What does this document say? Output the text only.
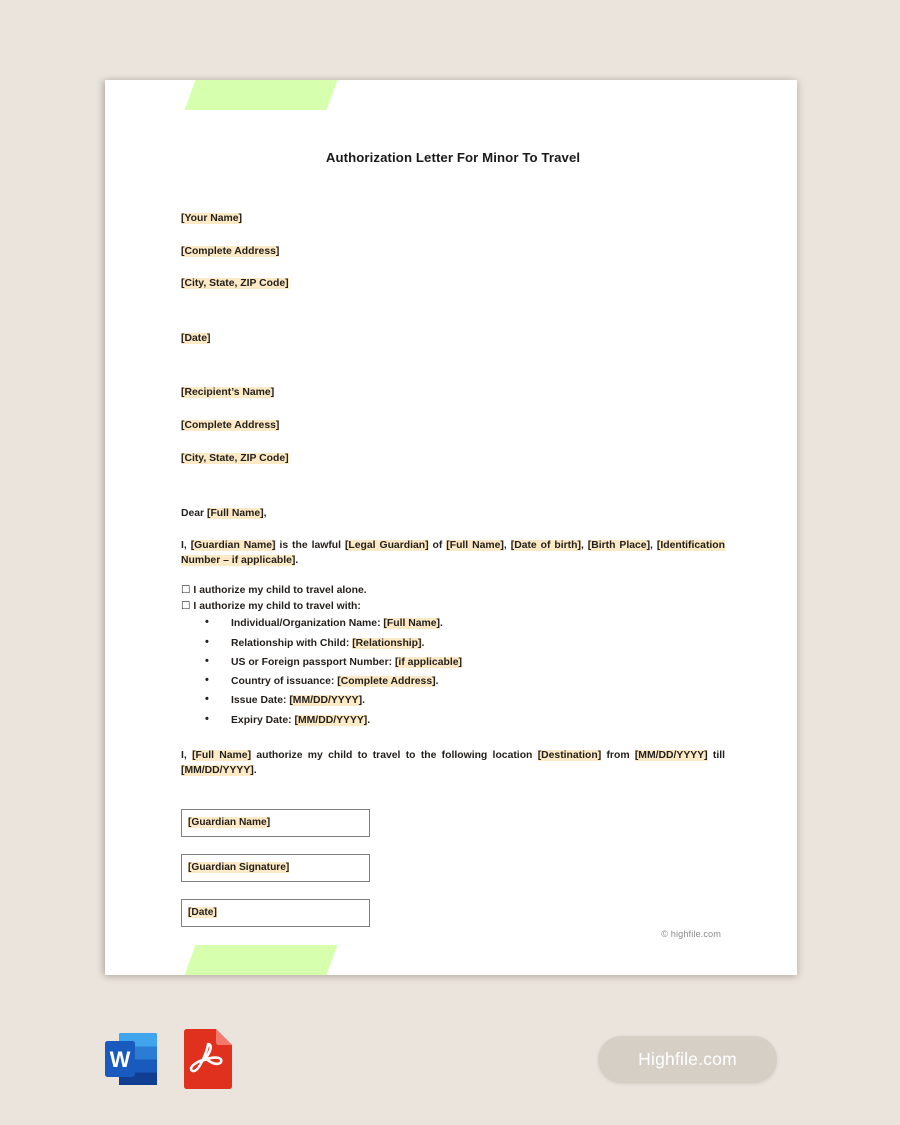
Authorization Letter For Minor To Travel
[Your Name]
[Complete Address]
[City, State, ZIP Code]
[Date]
[Recipient’s Name]
[Complete Address]
[City, State, ZIP Code]
Dear [Full Name],
I, [Guardian Name] is the lawful [Legal Guardian] of [Full Name], [Date of birth], [Birth Place], [Identification Number – if applicable].
☐ I authorize my child to travel alone.
☐ I authorize my child to travel with:
• Individual/Organization Name: [Full Name].
• Relationship with Child: [Relationship].
• US or Foreign passport Number: [if applicable]
• Country of issuance: [Complete Address].
• Issue Date: [MM/DD/YYYY].
• Expiry Date: [MM/DD/YYYY].
I, [Full Name] authorize my child to travel to the following location [Destination] from [MM/DD/YYYY] till [MM/DD/YYYY].
[Guardian Name]
[Guardian Signature]
[Date]
© highfile.com
W	Highfile.com
